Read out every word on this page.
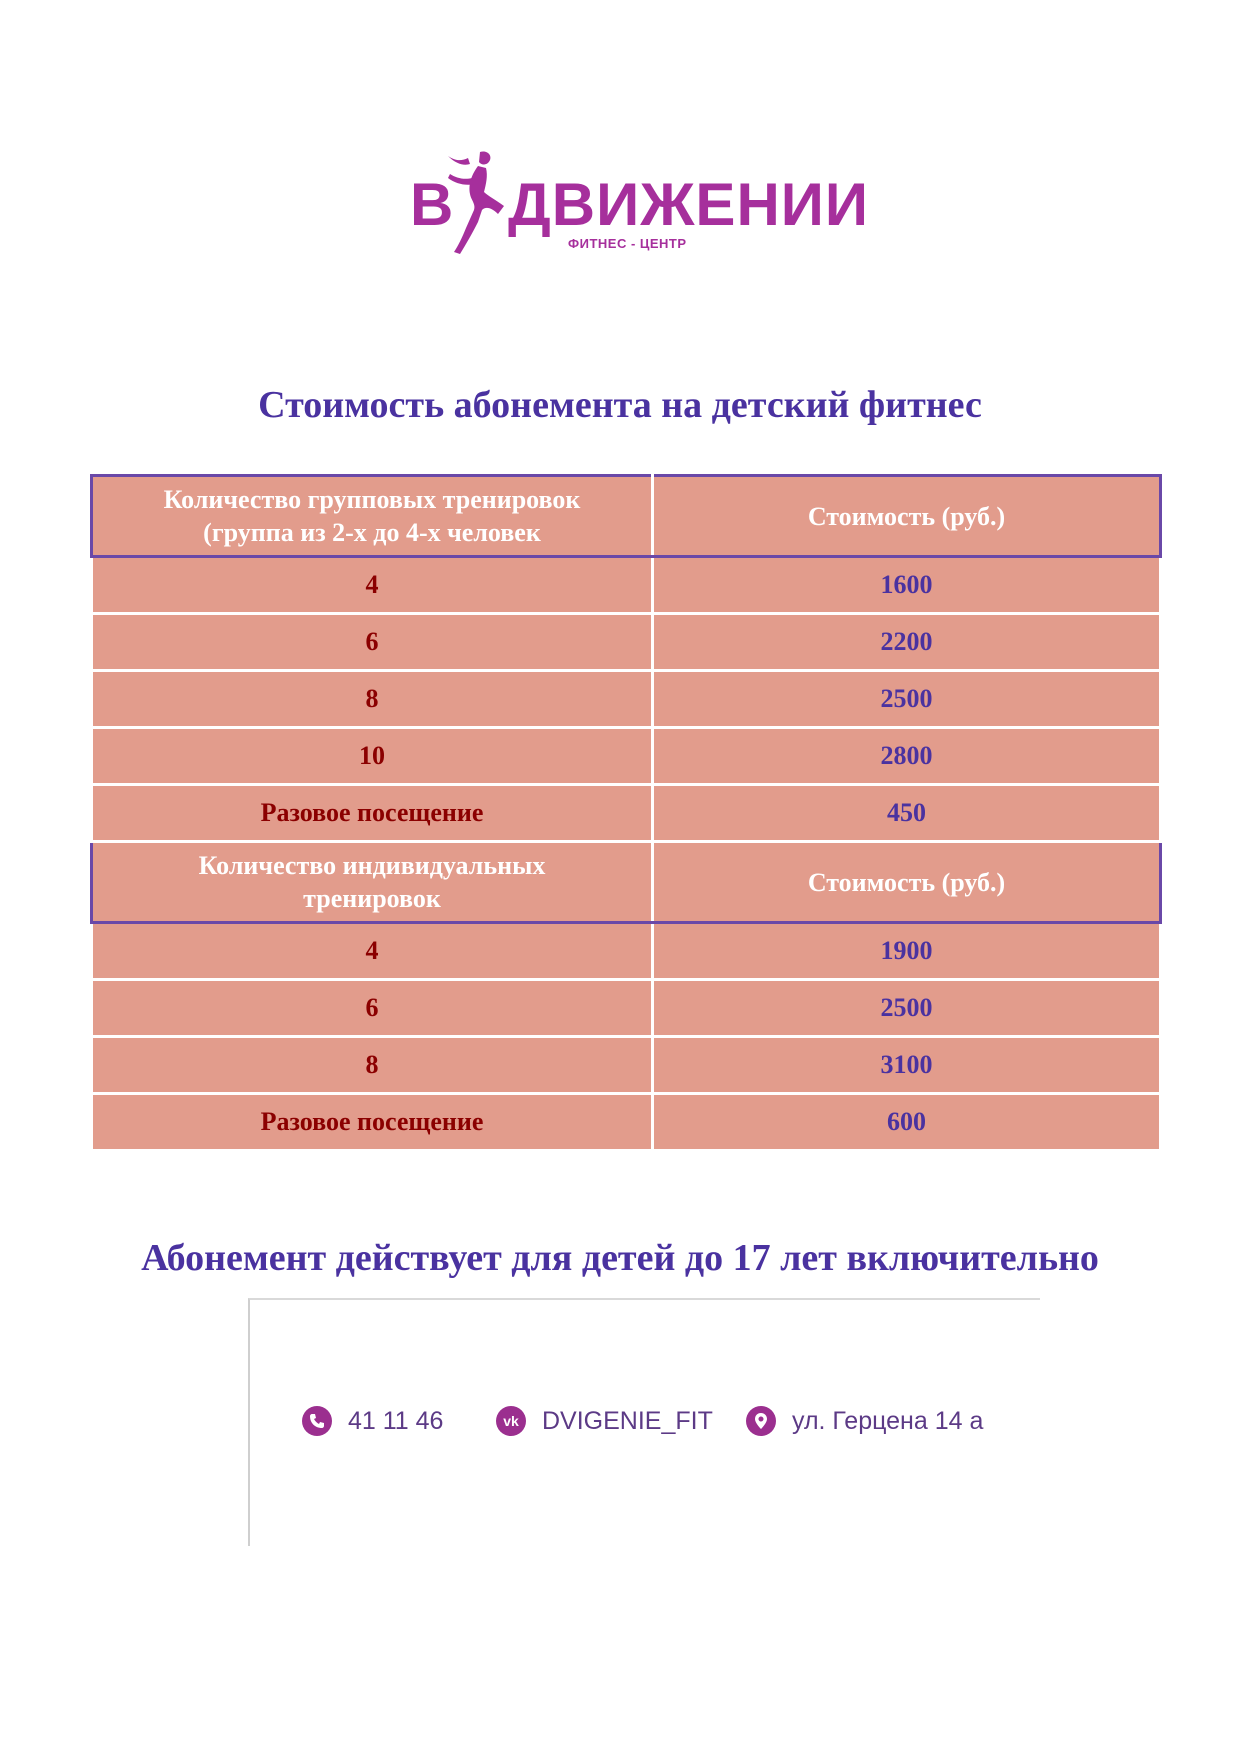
В ДВИЖЕНИИ
ФИТНЕС - ЦЕНТР
Стоимость абонемента на детский фитнес
Количество групповых тренировок
(группа из 2-х до 4-х человек	Стоимость (руб.)
4	1600
6	2200
8	2500
10	2800
Разовое посещение	450

Количество индивидуальных
тренировок	Стоимость (руб.)
4	1900
6	2500
8	3100
Разовое посещение	600
Абонемент действует для детей до 17 лет включительно
41 11 46	vk DVIGENIE_FIT	ул. Герцена 14 а
